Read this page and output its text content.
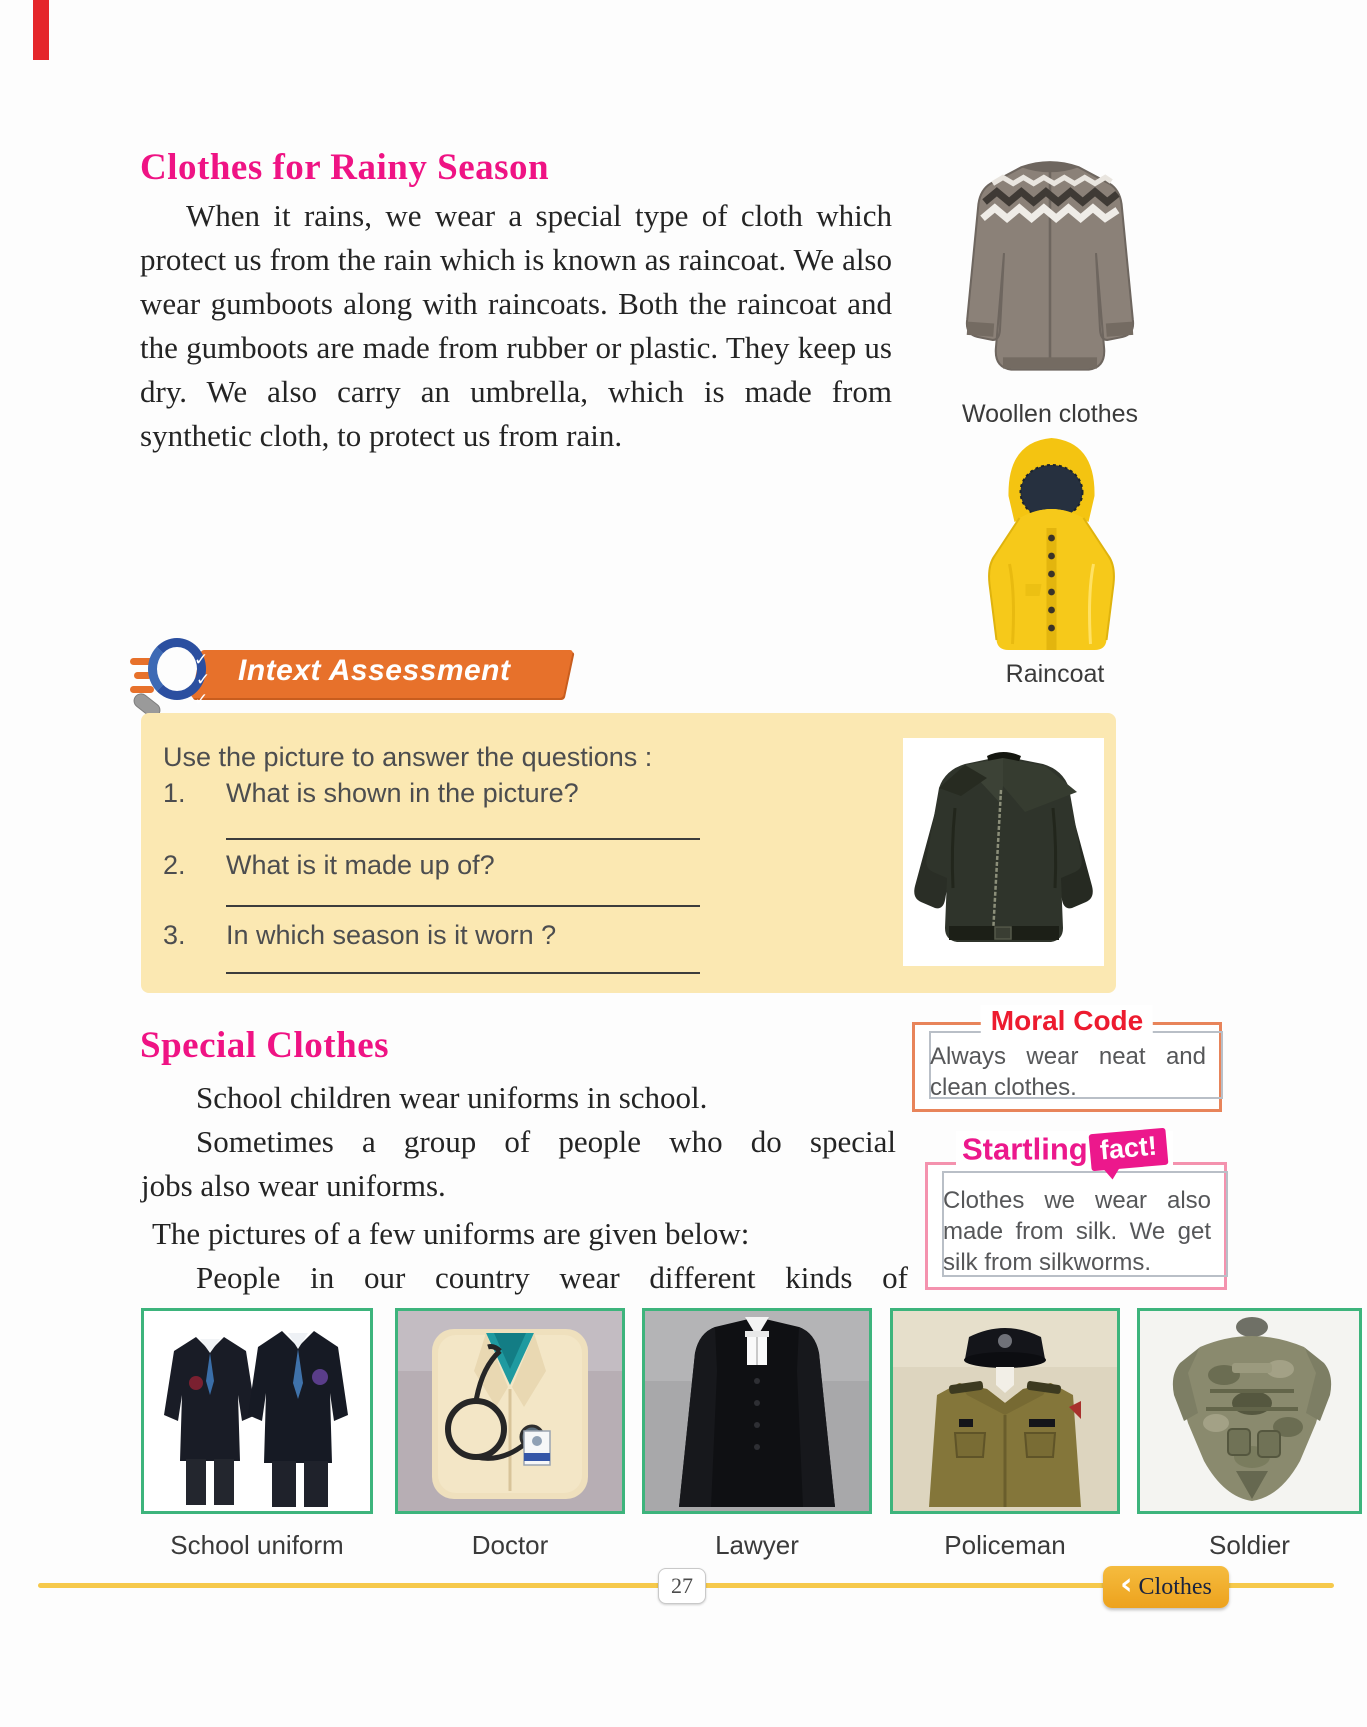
Clothes for Rainy Season
When it rains, we wear a special type of cloth which protect us from the rain which is known as raincoat. We also wear gumboots along with raincoats. Both the raincoat and the gumboots are made from rubber or plastic. They keep us dry. We also carry an umbrella, which is made from synthetic cloth, to protect us from rain.
Woollen clothes
Raincoat
Intext Assessment
✓
✓
✓
Use the picture to answer the questions :
1.	What is shown in the picture?
2.	What is it made up of?
3.	In which season is it worn ?
Special Clothes
School children wear uniforms in school.
Sometimes a group of people who do special
jobs also wear uniforms.
The pictures of a few uniforms are given below:
People in our country wear different kinds of
Moral Code
Always wear neat and clean clothes.
Startling fact!
Clothes we wear also made from silk. We get silk from silkworms.
School uniform	Doctor	Lawyer	Policeman	Soldier
27	‹ Clothes
